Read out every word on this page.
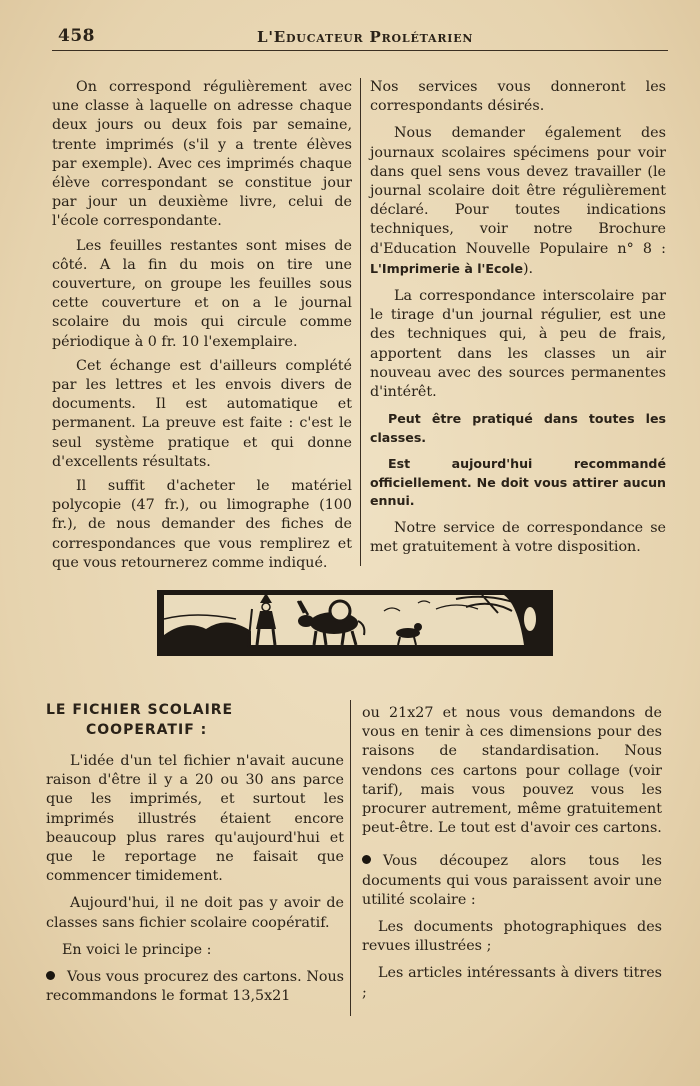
458	L'Educateur Prolétarien

On correspond régulièrement avec une classe à laquelle on adresse chaque deux jours ou deux fois par semaine, trente imprimés (s'il y a trente élèves par exemple). Avec ces imprimés chaque élève correspondant se constitue jour par jour un deuxième livre, celui de l'école correspondante.

Les feuilles restantes sont mises de côté. A la fin du mois on tire une couverture, on groupe les feuilles sous cette couverture et on a le journal scolaire du mois qui circule comme périodique à 0 fr. 10 l'exemplaire.

Cet échange est d'ailleurs complété par les lettres et les envois divers de documents. Il est automatique et permanent. La preuve est faite : c'est le seul système pratique et qui donne d'excellents résultats.

Il suffit d'acheter le matériel polycopie (47 fr.), ou limographe (100 fr.), de nous demander des fiches de correspondances que vous remplirez et que vous retournerez comme indiqué.

Nos services vous donneront les correspondants désirés.

Nous demander également des journaux scolaires spécimens pour voir dans quel sens vous devez travailler (le journal scolaire doit être régulièrement déclaré. Pour toutes indications techniques, voir notre Brochure d'Education Nouvelle Populaire n° 8 : L'Imprimerie à l'Ecole).

La correspondance interscolaire par le tirage d'un journal régulier, est une des techniques qui, à peu de frais, apportent dans les classes un air nouveau avec des sources permanentes d'intérêt.

Peut être pratiqué dans toutes les classes.

Est aujourd'hui recommandé officiellement. Ne doit vous attirer aucun ennui.

Notre service de correspondance se met gratuitement à votre disposition.

LE FICHIER SCOLAIRE
COOPERATIF :

L'idée d'un tel fichier n'avait aucune raison d'être il y a 20 ou 30 ans parce que les imprimés, et surtout les imprimés illustrés étaient encore beaucoup plus rares qu'aujourd'hui et que le reportage ne faisait que commencer timidement.

Aujourd'hui, il ne doit pas y avoir de classes sans fichier scolaire coopératif.

En voici le principe :

Vous vous procurez des cartons. Nous recommandons le format 13,5x21

ou 21x27 et nous vous demandons de vous en tenir à ces dimensions pour des raisons de standardisation. Nous vendons ces cartons pour collage (voir tarif), mais vous pouvez vous les procurer autrement, même gratuitement peut-être. Le tout est d'avoir ces cartons.

Vous découpez alors tous les documents qui vous paraissent avoir une utilité scolaire :

Les documents photographiques des revues illustrées ;

Les articles intéressants à divers titres ;
